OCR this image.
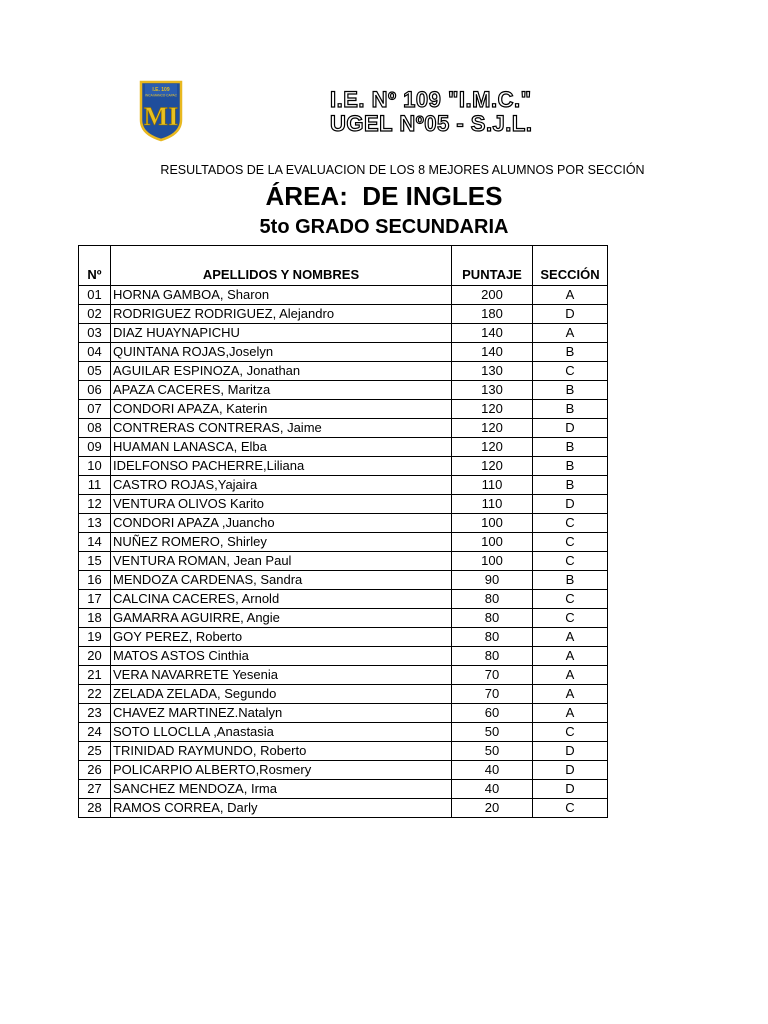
I.E. 109
INCA MANCO CAPAC
MI
I.E. Nº 109 "I.M.C."
UGEL Nº05 - S.J.L.
RESULTADOS DE LA EVALUACION DE LOS 8 MEJORES ALUMNOS POR SECCIÓN
ÁREA:  DE INGLES
5to GRADO SECUNDARIA
Nº	APELLIDOS Y NOMBRES	PUNTAJE	SECCIÓN
01	HORNA GAMBOA, Sharon	200	A
02	RODRIGUEZ RODRIGUEZ, Alejandro	180	D
03	DIAZ HUAYNAPICHU	140	A
04	QUINTANA ROJAS,Joselyn	140	B
05	AGUILAR ESPINOZA, Jonathan	130	C
06	APAZA CACERES, Maritza	130	B
07	CONDORI APAZA, Katerin	120	B
08	CONTRERAS CONTRERAS, Jaime	120	D
09	HUAMAN LANASCA, Elba	120	B
10	IDELFONSO PACHERRE,Liliana	120	B
11	CASTRO ROJAS,Yajaira	110	B
12	VENTURA OLIVOS Karito	110	D
13	CONDORI APAZA ,Juancho	100	C
14	NUÑEZ ROMERO, Shirley	100	C
15	VENTURA ROMAN, Jean Paul	100	C
16	MENDOZA CARDENAS, Sandra	90	B
17	CALCINA CACERES, Arnold	80	C
18	GAMARRA AGUIRRE, Angie	80	C
19	GOY PEREZ, Roberto	80	A
20	MATOS ASTOS Cinthia	80	A
21	VERA NAVARRETE Yesenia	70	A
22	ZELADA ZELADA, Segundo	70	A
23	CHAVEZ MARTINEZ.Natalyn	60	A
24	SOTO LLOCLLA ,Anastasia	50	C
25	TRINIDAD RAYMUNDO, Roberto	50	D
26	POLICARPIO ALBERTO,Rosmery	40	D
27	SANCHEZ MENDOZA, Irma	40	D
28	RAMOS CORREA, Darly	20	C
